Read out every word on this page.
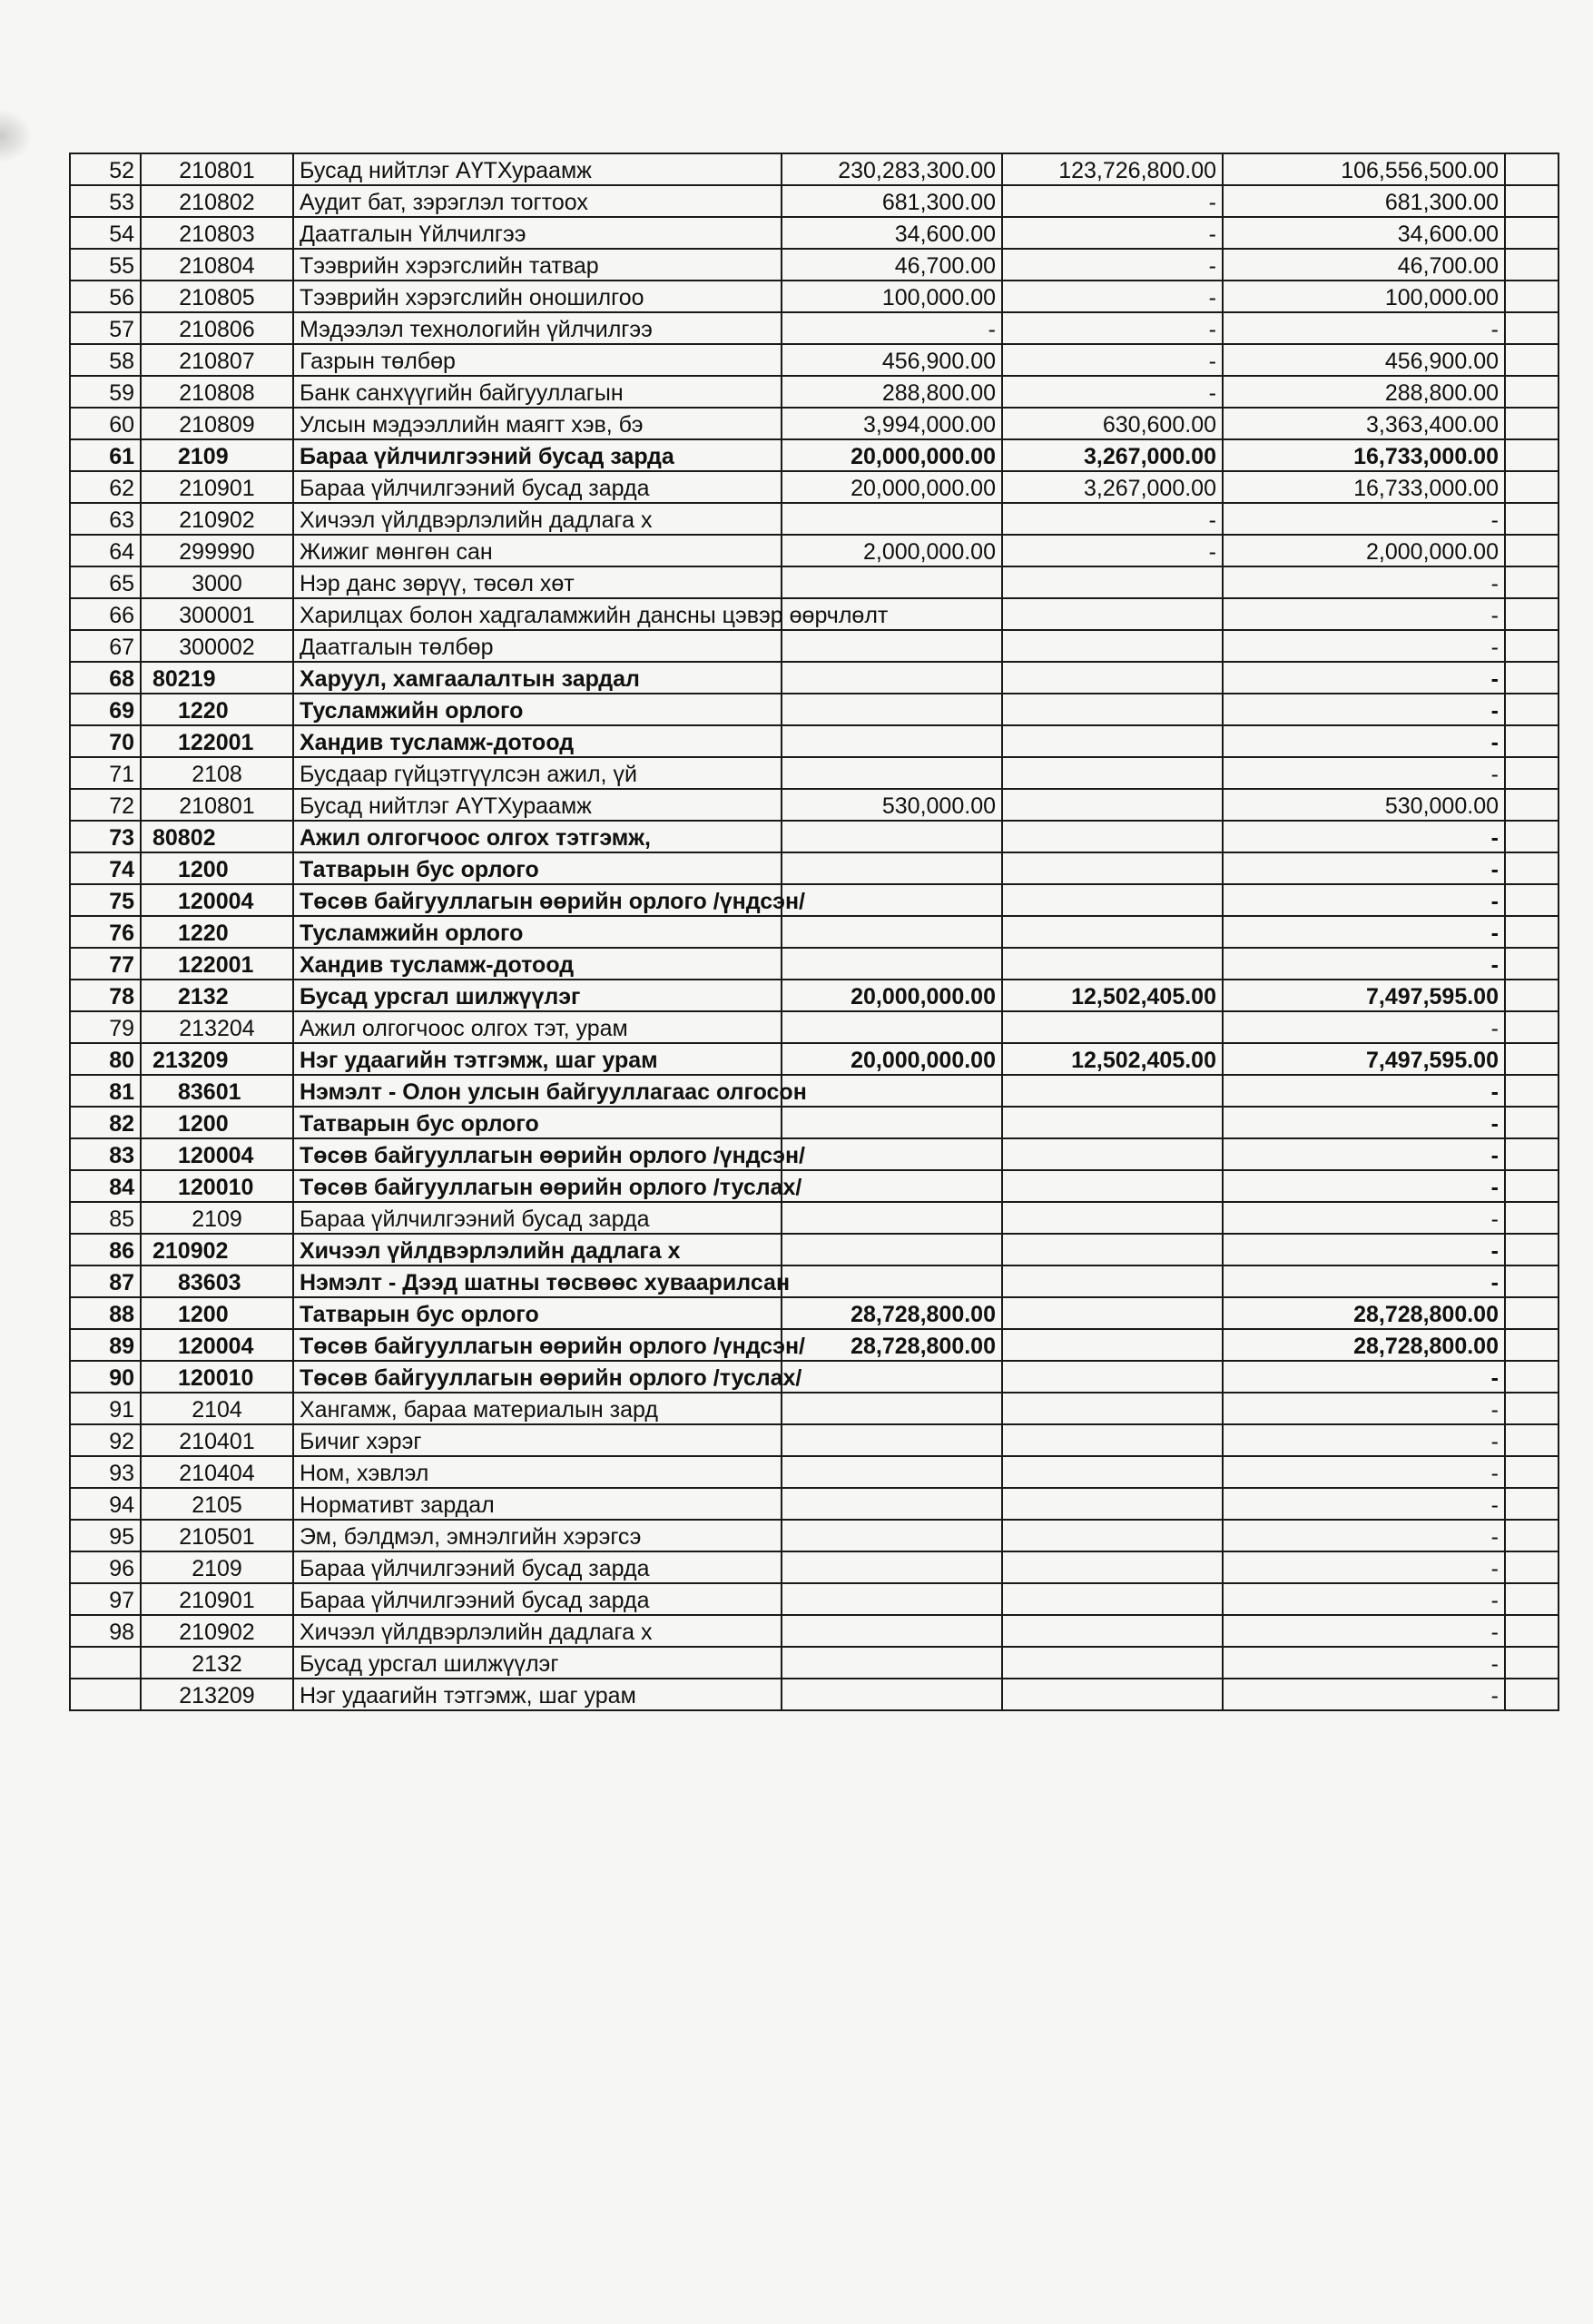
52	210801	Бусад нийтлэг АҮТХураамж	230,283,300.00	123,726,800.00	106,556,500.00	
53	210802	Аудит бат, зэрэглэл тогтоох	681,300.00	-	681,300.00	
54	210803	Даатгалын Үйлчилгээ	34,600.00	-	34,600.00	
55	210804	Тээврийн хэрэгслийн татвар	46,700.00	-	46,700.00	
56	210805	Тээврийн хэрэгслийн оношилгоо	100,000.00	-	100,000.00	
57	210806	Мэдээлэл технологийн үйлчилгээ	-	-	-	
58	210807	Газрын төлбөр	456,900.00	-	456,900.00	
59	210808	Банк санхүүгийн байгууллагын	288,800.00	-	288,800.00	
60	210809	Улсын мэдээллийн маягт хэв, бэ	3,994,000.00	630,600.00	3,363,400.00	
61	2109	Бараа үйлчилгээний бусад зарда	20,000,000.00	3,267,000.00	16,733,000.00	
62	210901	Бараа үйлчилгээний бусад зарда	20,000,000.00	3,267,000.00	16,733,000.00	
63	210902	Хичээл үйлдвэрлэлийн дадлага х		-	-	
64	299990	Жижиг мөнгөн сан	2,000,000.00	-	2,000,000.00	
65	3000	Нэр данс зөрүү, төсөл хөт			-	
66	300001	Харилцах болон хадгаламжийн дансны цэвэр өөрчлөлт			-	
67	300002	Даатгалын төлбөр			-	
68	80219	Харуул, хамгаалалтын зардал			-	
69	1220	Тусламжийн орлого			-	
70	122001	Хандив тусламж-дотоод			-	
71	2108	Бусдаар гүйцэтгүүлсэн ажил, үй			-	
72	210801	Бусад нийтлэг АҮТХураамж	530,000.00		530,000.00	
73	80802	Ажил олгогчоос олгох тэтгэмж,			-	
74	1200	Татварын бус орлого			-	
75	120004	Төсөв байгууллагын өөрийн орлого /үндсэн/			-	
76	1220	Тусламжийн орлого			-	
77	122001	Хандив тусламж-дотоод			-	
78	2132	Бусад урсгал шилжүүлэг	20,000,000.00	12,502,405.00	7,497,595.00	
79	213204	Ажил олгогчоос олгох тэт, урам			-	
80	213209	Нэг удаагийн тэтгэмж, шаг урам	20,000,000.00	12,502,405.00	7,497,595.00	
81	83601	Нэмэлт - Олон улсын байгууллагаас олгосон			-	
82	1200	Татварын бус орлого			-	
83	120004	Төсөв байгууллагын өөрийн орлого /үндсэн/			-	
84	120010	Төсөв байгууллагын өөрийн орлого /туслах/			-	
85	2109	Бараа үйлчилгээний бусад зарда			-	
86	210902	Хичээл үйлдвэрлэлийн дадлага х			-	
87	83603	Нэмэлт - Дээд шатны төсвөөс хуваарилсан			-	
88	1200	Татварын бус орлого	28,728,800.00		28,728,800.00	
89	120004	Төсөв байгууллагын өөрийн орлого /үндсэн/	28,728,800.00		28,728,800.00	
90	120010	Төсөв байгууллагын өөрийн орлого /туслах/			-	
91	2104	Хангамж, бараа материалын зард			-	
92	210401	Бичиг хэрэг			-	
93	210404	Ном, хэвлэл			-	
94	2105	Нормативт зардал			-	
95	210501	Эм, бэлдмэл, эмнэлгийн хэрэгсэ			-	
96	2109	Бараа үйлчилгээний бусад зарда			-	
97	210901	Бараа үйлчилгээний бусад зарда			-	
98	210902	Хичээл үйлдвэрлэлийн дадлага х			-	
	2132	Бусад урсгал шилжүүлэг			-	
	213209	Нэг удаагийн тэтгэмж, шаг урам			-	
